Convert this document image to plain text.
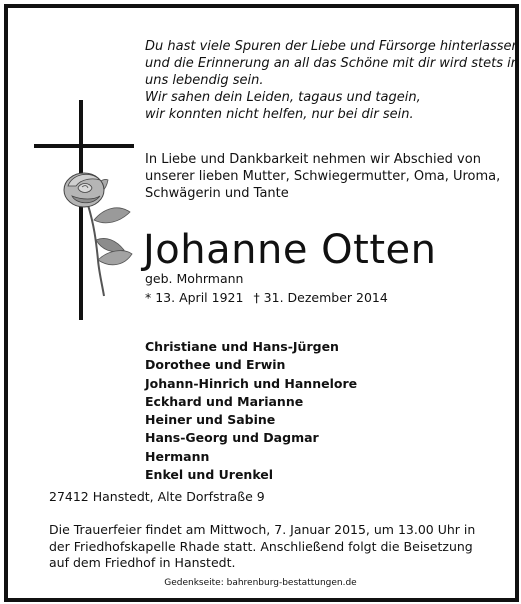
Du hast viele Spuren der Liebe und Fürsorge hinterlassen
und die Erinnerung an all das Schöne mit dir wird stets in
uns lebendig sein.
Wir sahen dein Leiden, tagaus und tagein,
wir konnten nicht helfen, nur bei dir sein.
In Liebe und Dankbarkeit nehmen wir Abschied von
unserer lieben Mutter, Schwiegermutter, Oma, Uroma,
Schwägerin und Tante
Johanne Otten
geb. Mohrmann
* 13. April 1921 † 31. Dezember 2014
Christiane und Hans-Jürgen
Dorothee und Erwin
Johann-Hinrich und Hannelore
Eckhard und Marianne
Heiner und Sabine
Hans-Georg und Dagmar
Hermann
Enkel und Urenkel
27412 Hanstedt, Alte Dorfstraße 9
Die Trauerfeier findet am Mittwoch, 7. Januar 2015, um 13.00 Uhr in
der Friedhofskapelle Rhade statt. Anschließend folgt die Beisetzung
auf dem Friedhof in Hanstedt.
Gedenkseite: bahrenburg-bestattungen.de
